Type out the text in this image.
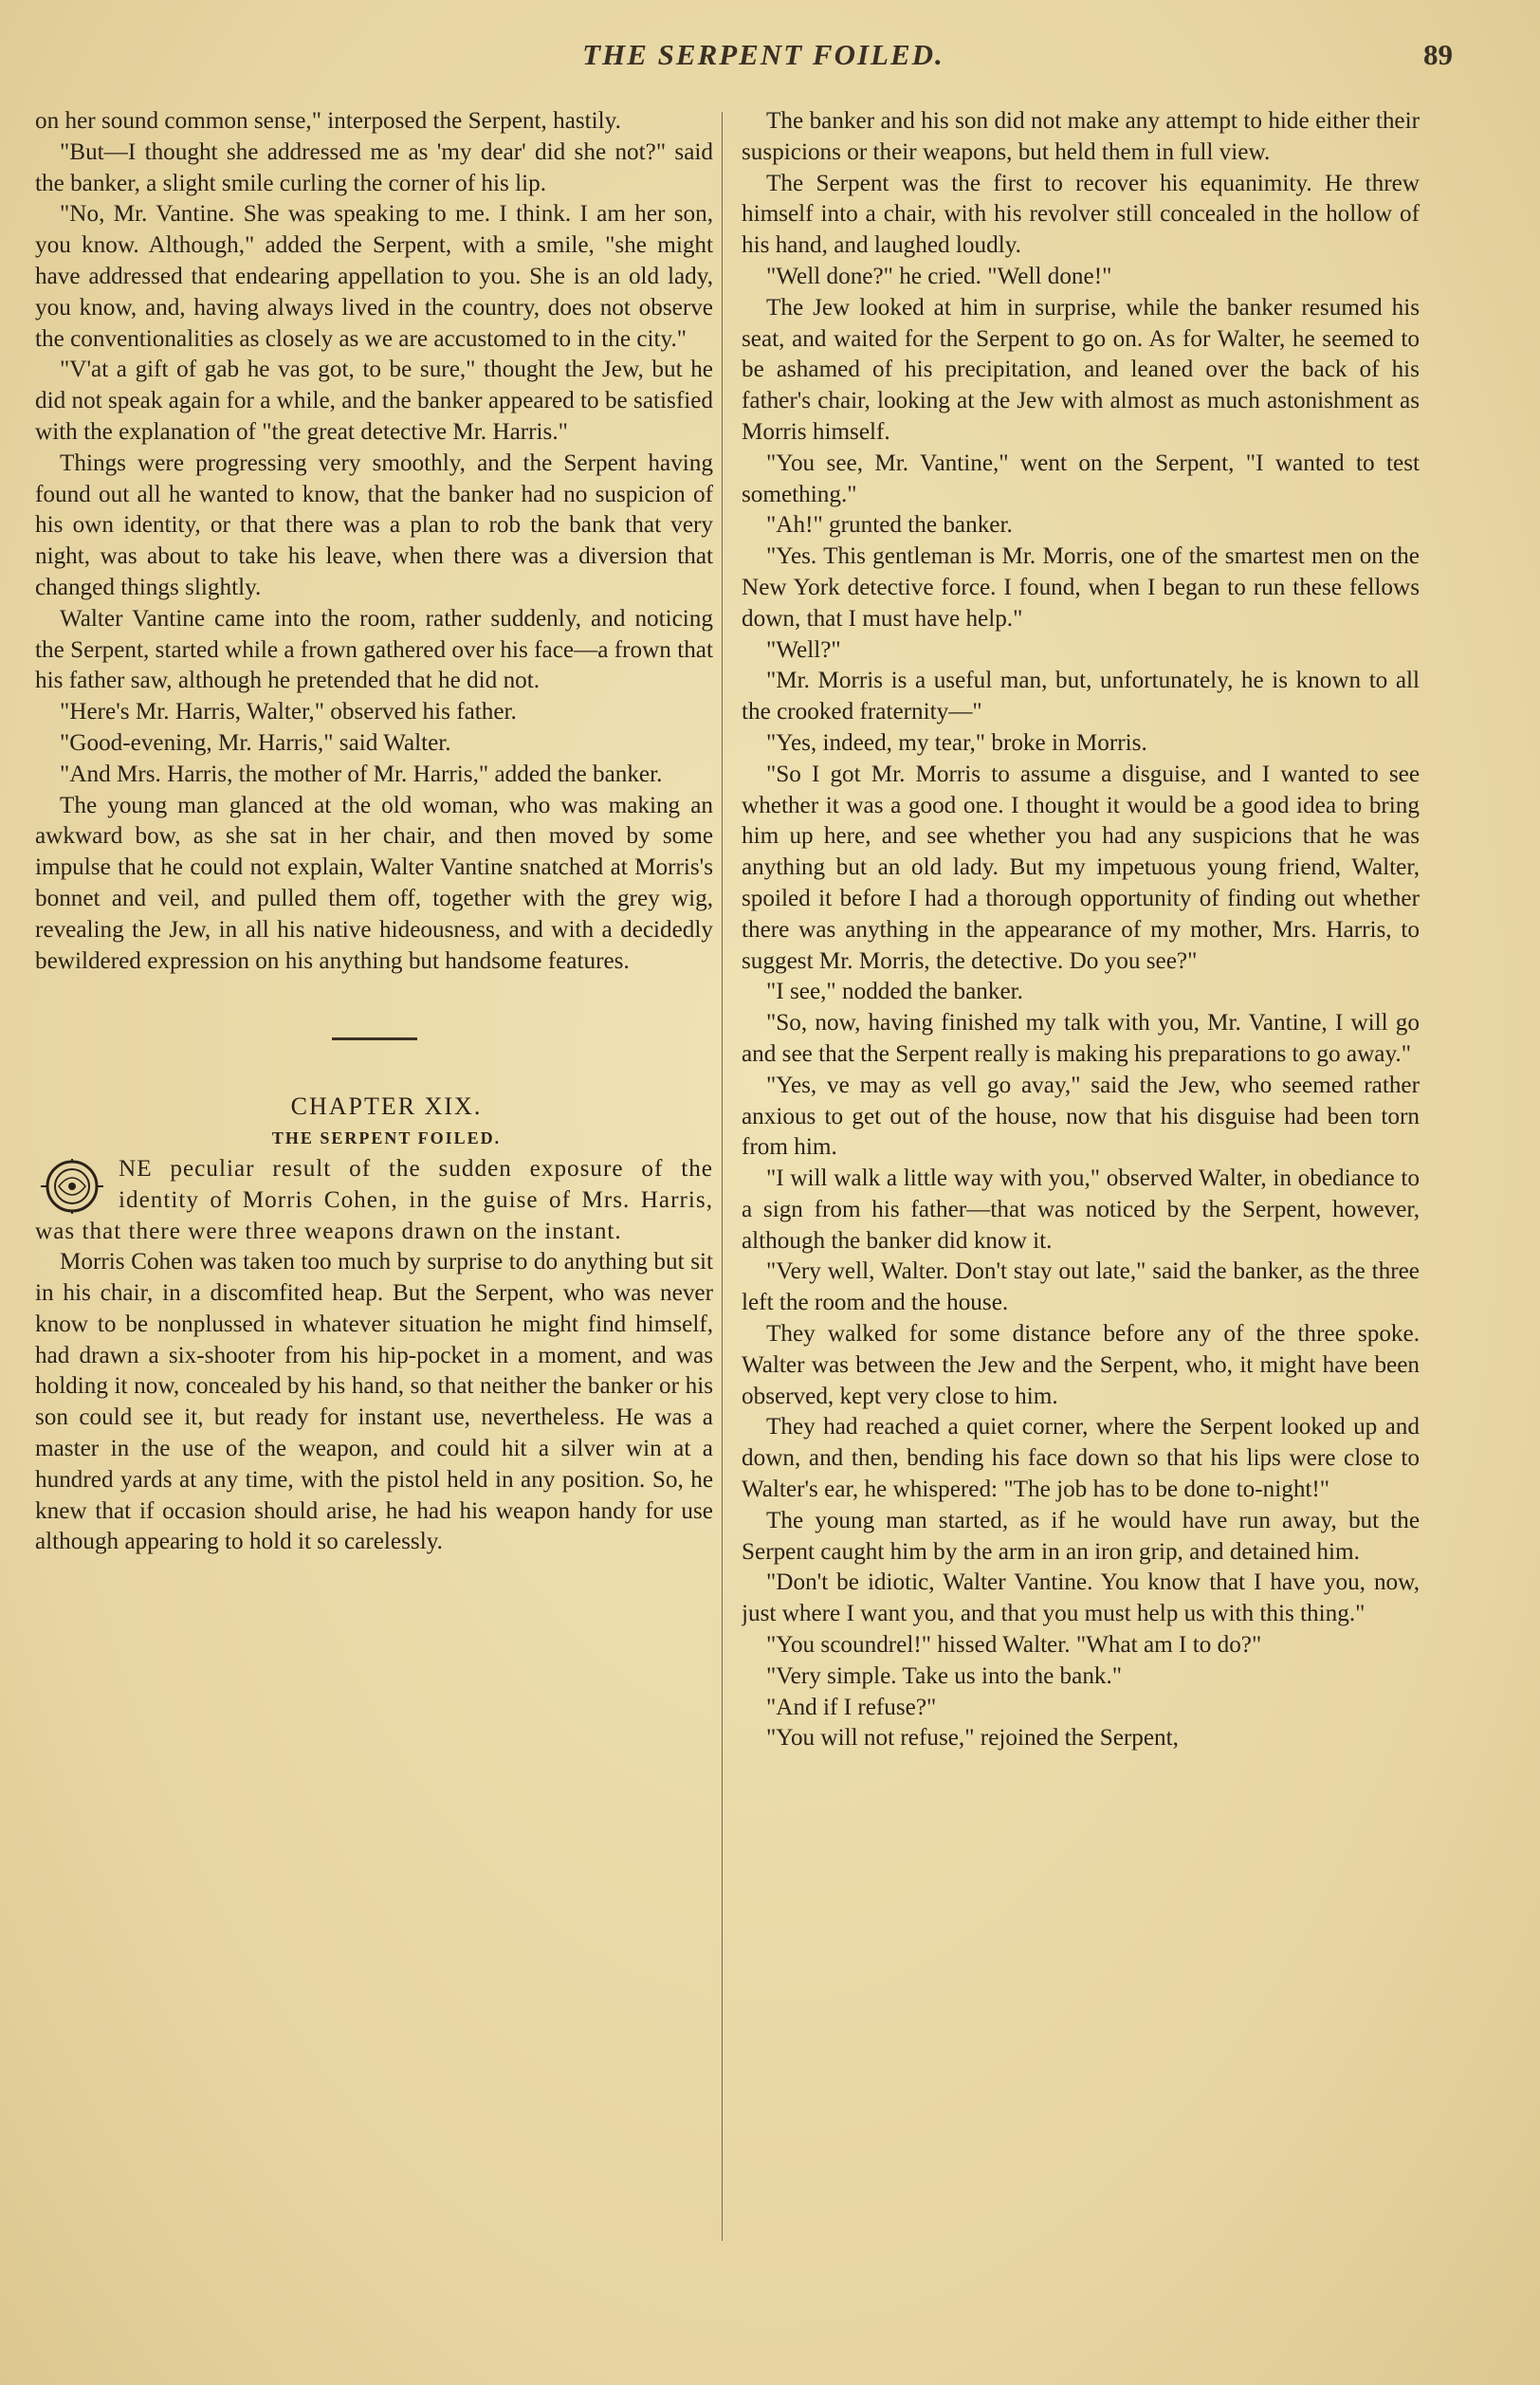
THE SERPENT FOILED.	89

on her sound common sense," interposed the Serpent, hastily.

"But—I thought she addressed me as 'my dear' did she not?" said the banker, a slight smile curling the corner of his lip.

"No, Mr. Vantine. She was speaking to me. I think. I am her son, you know. Although," added the Serpent, with a smile, "she might have addressed that endearing appellation to you. She is an old lady, you know, and, having always lived in the country, does not observe the conventionalities as closely as we are accustomed to in the city."

"V'at a gift of gab he vas got, to be sure," thought the Jew, but he did not speak again for a while, and the banker appeared to be satisfied with the explanation of "the great detective Mr. Harris."

Things were progressing very smoothly, and the Serpent having found out all he wanted to know, that the banker had no suspicion of his own identity, or that there was a plan to rob the bank that very night, was about to take his leave, when there was a diversion that changed things slightly.

Walter Vantine came into the room, rather suddenly, and noticing the Serpent, started while a frown gathered over his face—a frown that his father saw, although he pretended that he did not.

"Here's Mr. Harris, Walter," observed his father.

"Good-evening, Mr. Harris," said Walter.

"And Mrs. Harris, the mother of Mr. Harris," added the banker.

The young man glanced at the old woman, who was making an awkward bow, as she sat in her chair, and then moved by some impulse that he could not explain, Walter Vantine snatched at Morris's bonnet and veil, and pulled them off, together with the grey wig, revealing the Jew, in all his native hideousness, and with a decidedly bewildered expression on his anything but handsome features.

CHAPTER XIX.

THE SERPENT FOILED.

NE peculiar result of the sudden exposure of the identity of Morris Cohen, in the guise of Mrs. Harris, was that there were three weapons drawn on the instant.

Morris Cohen was taken too much by surprise to do anything but sit in his chair, in a discomfited heap. But the Serpent, who was never know to be nonplussed in whatever situation he might find himself, had drawn a six-shooter from his hip-pocket in a moment, and was holding it now, concealed by his hand, so that neither the banker or his son could see it, but ready for instant use, nevertheless. He was a master in the use of the weapon, and could hit a silver win at a hundred yards at any time, with the pistol held in any position. So, he knew that if occasion should arise, he had his weapon handy for use although appearing to hold it so carelessly.

The banker and his son did not make any attempt to hide either their suspicions or their weapons, but held them in full view.

The Serpent was the first to recover his equanimity. He threw himself into a chair, with his revolver still concealed in the hollow of his hand, and laughed loudly.

"Well done?" he cried. "Well done!"

The Jew looked at him in surprise, while the banker resumed his seat, and waited for the Serpent to go on. As for Walter, he seemed to be ashamed of his precipitation, and leaned over the back of his father's chair, looking at the Jew with almost as much astonishment as Morris himself.

"You see, Mr. Vantine," went on the Serpent, "I wanted to test something."

"Ah!" grunted the banker.

"Yes. This gentleman is Mr. Morris, one of the smartest men on the New York detective force. I found, when I began to run these fellows down, that I must have help."

"Well?"

"Mr. Morris is a useful man, but, unfortunately, he is known to all the crooked fraternity—"

"Yes, indeed, my tear," broke in Morris.

"So I got Mr. Morris to assume a disguise, and I wanted to see whether it was a good one. I thought it would be a good idea to bring him up here, and see whether you had any suspicions that he was anything but an old lady. But my impetuous young friend, Walter, spoiled it before I had a thorough opportunity of finding out whether there was anything in the appearance of my mother, Mrs. Harris, to suggest Mr. Morris, the detective. Do you see?"

"I see," nodded the banker.

"So, now, having finished my talk with you, Mr. Vantine, I will go and see that the Serpent really is making his preparations to go away."

"Yes, ve may as vell go avay," said the Jew, who seemed rather anxious to get out of the house, now that his disguise had been torn from him.

"I will walk a little way with you," observed Walter, in obediance to a sign from his father—that was noticed by the Serpent, however, although the banker did know it.

"Very well, Walter. Don't stay out late," said the banker, as the three left the room and the house.

They walked for some distance before any of the three spoke. Walter was between the Jew and the Serpent, who, it might have been observed, kept very close to him.

They had reached a quiet corner, where the Serpent looked up and down, and then, bending his face down so that his lips were close to Walter's ear, he whispered: "The job has to be done to-night!"

The young man started, as if he would have run away, but the Serpent caught him by the arm in an iron grip, and detained him.

"Don't be idiotic, Walter Vantine. You know that I have you, now, just where I want you, and that you must help us with this thing."

"You scoundrel!" hissed Walter. "What am I to do?"

"Very simple. Take us into the bank."

"And if I refuse?"

"You will not refuse," rejoined the Serpent,
